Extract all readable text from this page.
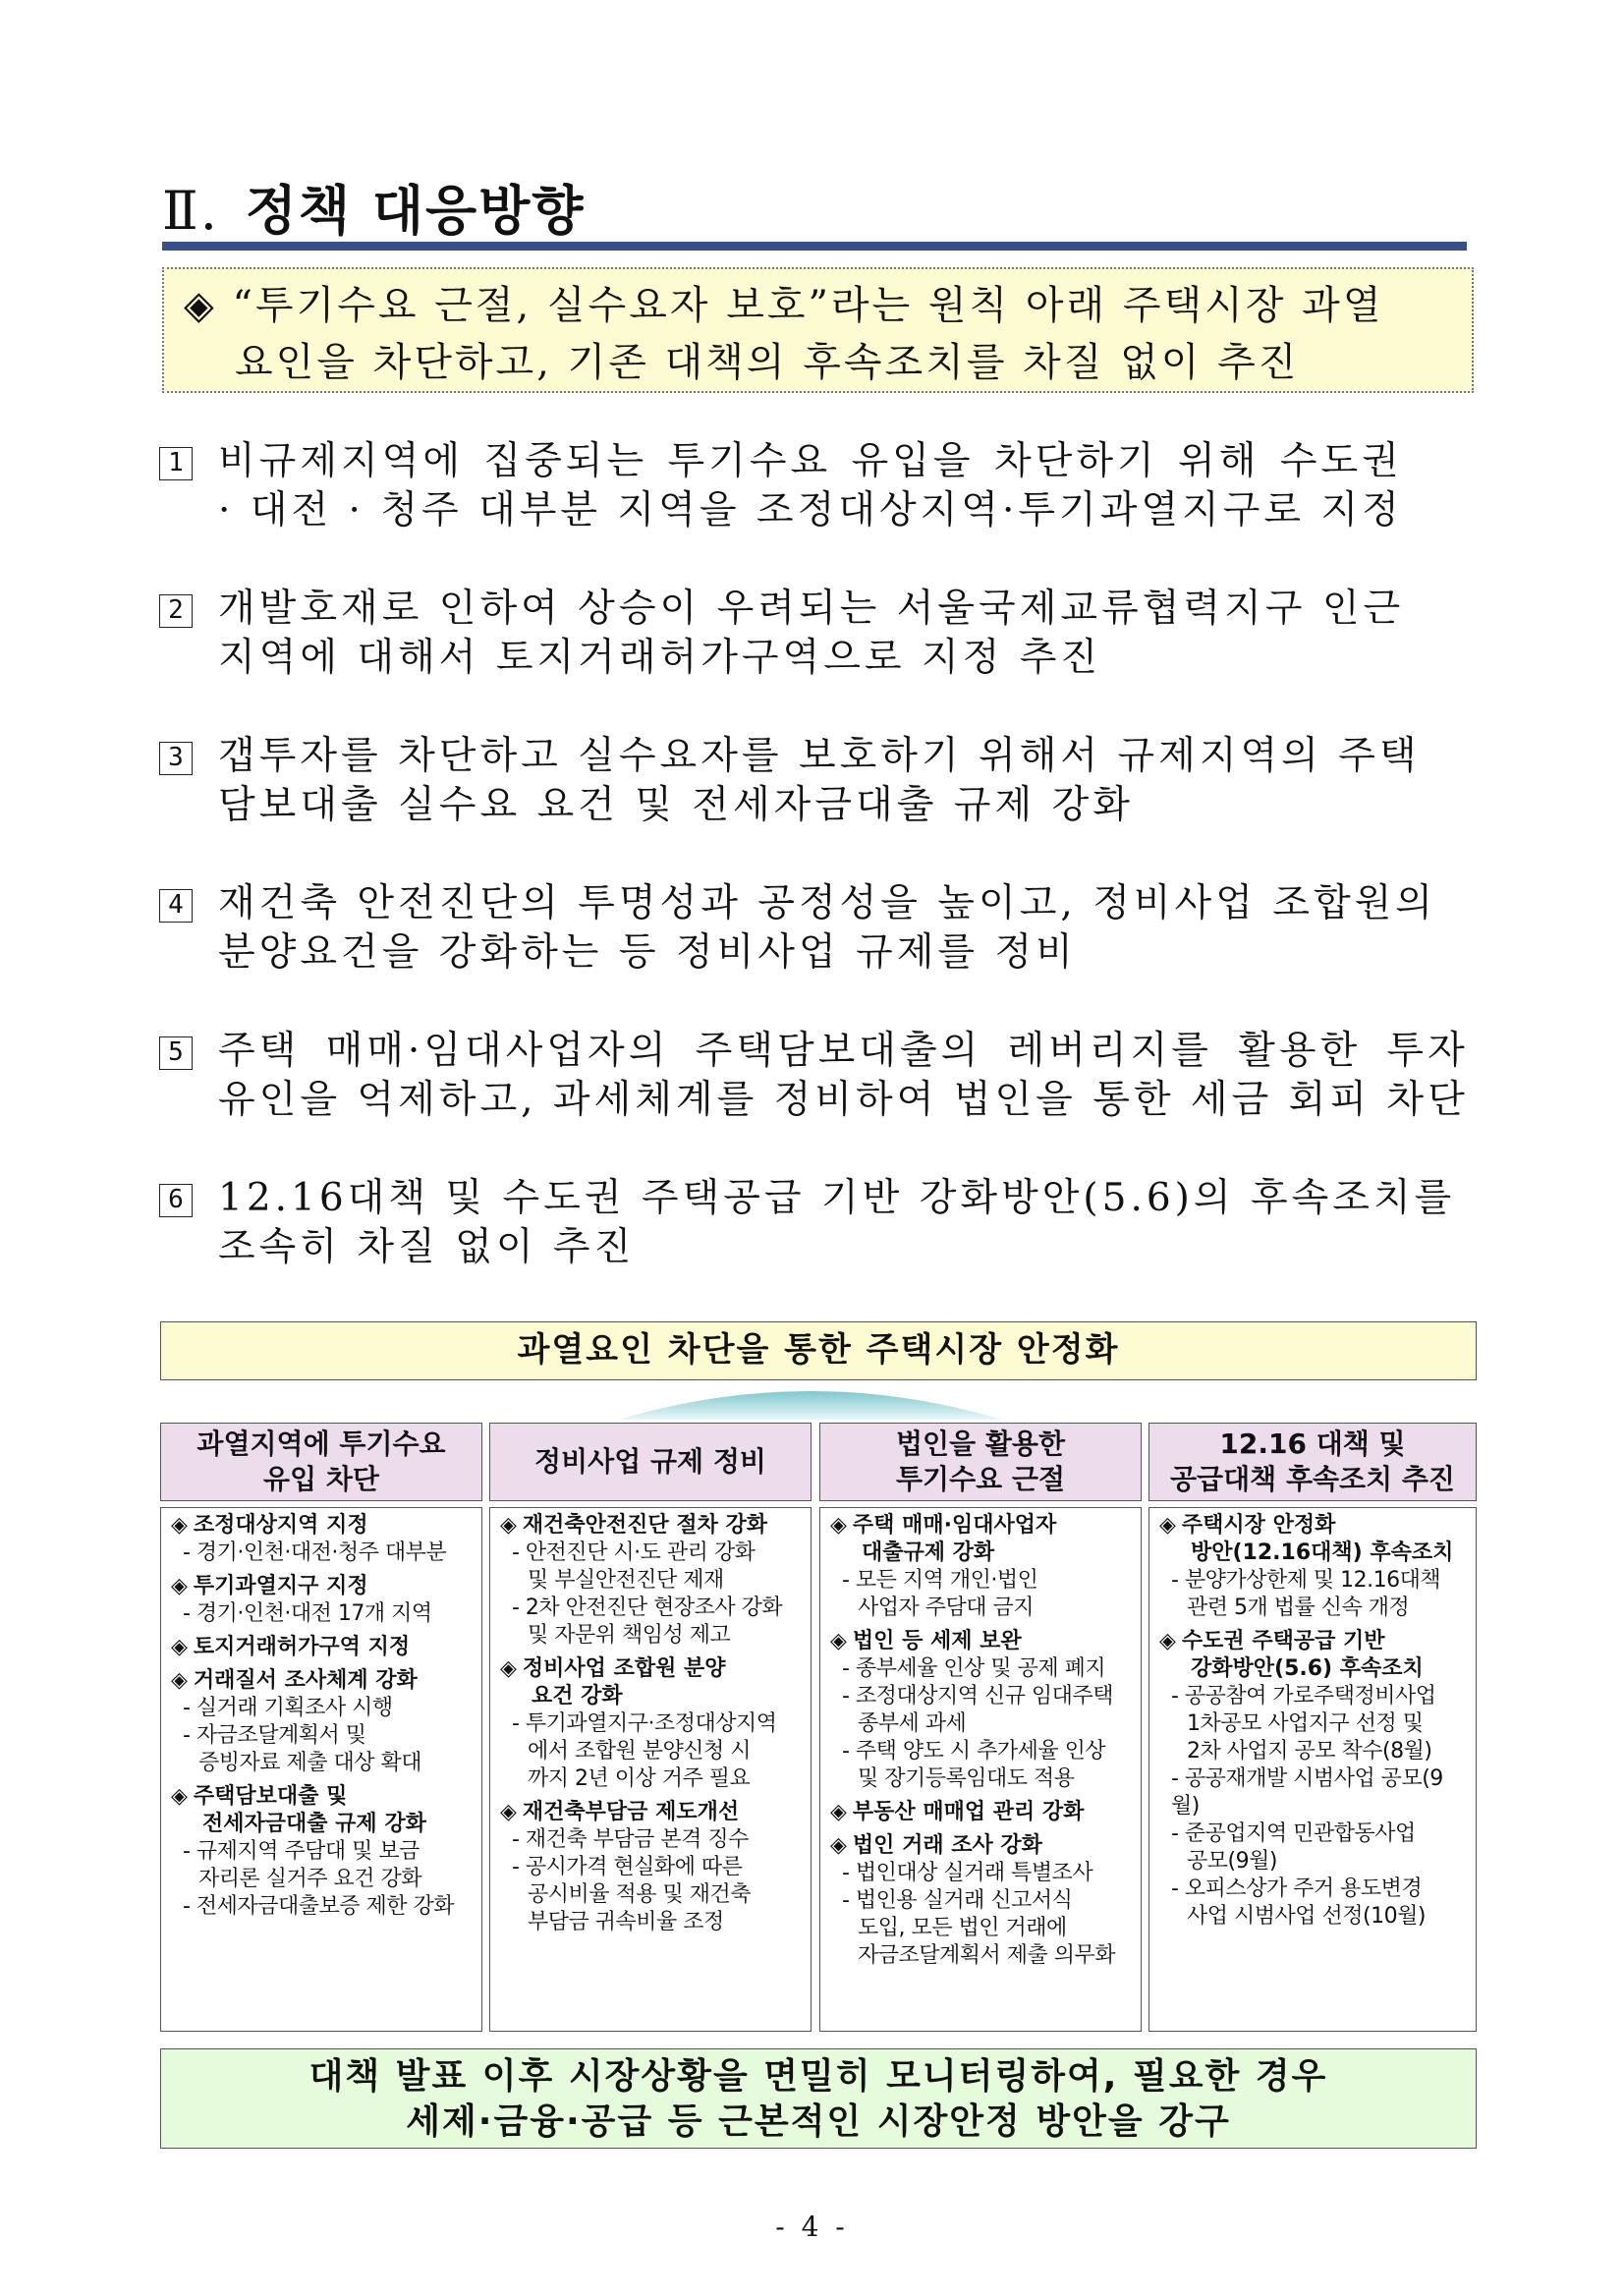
Ⅱ. 정책 대응방향
◈ “투기수요 근절, 실수요자 보호”라는 원칙 아래 주택시장 과열
요인을 차단하고, 기존 대책의 후속조치를 차질 없이 추진
1 비규제지역에 집중되는 투기수요 유입을 차단하기 위해 수도권
· 대전 · 청주 대부분 지역을 조정대상지역·투기과열지구로 지정
2 개발호재로 인하여 상승이 우려되는 서울국제교류협력지구 인근
지역에 대해서 토지거래허가구역으로 지정 추진
3 갭투자를 차단하고 실수요자를 보호하기 위해서 규제지역의 주택
담보대출 실수요 요건 및 전세자금대출 규제 강화
4 재건축 안전진단의 투명성과 공정성을 높이고, 정비사업 조합원의
분양요건을 강화하는 등 정비사업 규제를 정비
5 주택 매매·임대사업자의 주택담보대출의 레버리지를 활용한 투자
유인을 억제하고, 과세체계를 정비하여 법인을 통한 세금 회피 차단
6 12.16대책 및 수도권 주택공급 기반 강화방안(5.6)의 후속조치를
조속히 차질 없이 추진
과열요인 차단을 통한 주택시장 안정화
과열지역에 투기수요
유입 차단
◈ 조정대상지역 지정
- 경기·인천·대전·청주 대부분
◈ 투기과열지구 지정
- 경기·인천·대전 17개 지역
◈ 토지거래허가구역 지정
◈ 거래질서 조사체계 강화
- 실거래 기획조사 시행
- 자금조달계획서 및
증빙자료 제출 대상 확대
◈ 주택담보대출 및
전세자금대출 규제 강화
- 규제지역 주담대 및 보금
자리론 실거주 요건 강화
- 전세자금대출보증 제한 강화
정비사업 규제 정비
◈ 재건축안전진단 절차 강화
- 안전진단 시·도 관리 강화
및 부실안전진단 제재
- 2차 안전진단 현장조사 강화
및 자문위 책임성 제고
◈ 정비사업 조합원 분양
요건 강화
- 투기과열지구·조정대상지역
에서 조합원 분양신청 시
까지 2년 이상 거주 필요
◈ 재건축부담금 제도개선
- 재건축 부담금 본격 징수
- 공시가격 현실화에 따른
공시비율 적용 및 재건축
부담금 귀속비율 조정
법인을 활용한
투기수요 근절
◈ 주택 매매·임대사업자
대출규제 강화
- 모든 지역 개인·법인
사업자 주담대 금지
◈ 법인 등 세제 보완
- 종부세율 인상 및 공제 폐지
- 조정대상지역 신규 임대주택
종부세 과세
- 주택 양도 시 추가세율 인상
및 장기등록임대도 적용
◈ 부동산 매매업 관리 강화
◈ 법인 거래 조사 강화
- 법인대상 실거래 특별조사
- 법인용 실거래 신고서식
도입, 모든 법인 거래에
자금조달계획서 제출 의무화
12.16 대책 및
공급대책 후속조치 추진
◈ 주택시장 안정화
방안(12.16대책) 후속조치
- 분양가상한제 및 12.16대책
관련 5개 법률 신속 개정
◈ 수도권 주택공급 기반
강화방안(5.6) 후속조치
- 공공참여 가로주택정비사업
1차공모 사업지구 선정 및
2차 사업지 공모 착수(8월)
- 공공재개발 시범사업 공모(9월)
- 준공업지역 민관합동사업
공모(9월)
- 오피스상가 주거 용도변경
사업 시범사업 선정(10월)
대책 발표 이후 시장상황을 면밀히 모니터링하여, 필요한 경우
세제·금융·공급 등 근본적인 시장안정 방안을 강구
- 4 -
